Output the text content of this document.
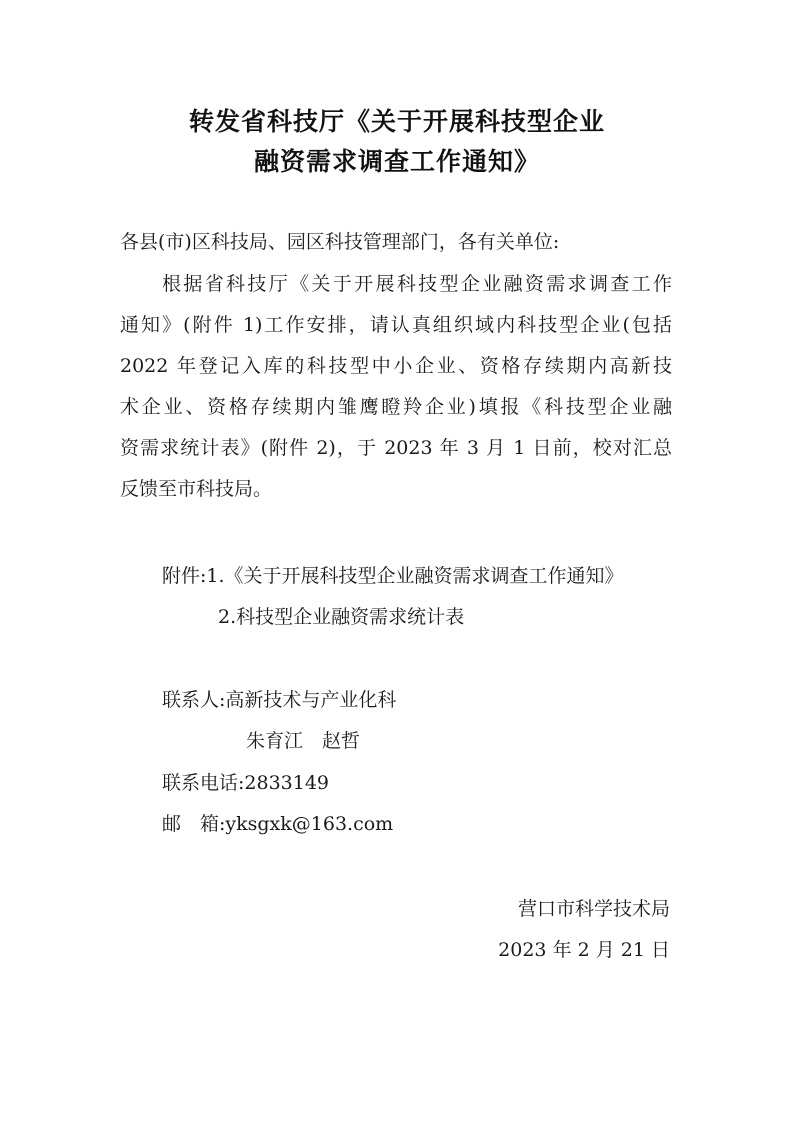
转发省科技厅《关于开展科技型企业
融资需求调查工作通知》
各县(市)区科技局、园区科技管理部门，各有关单位:
根据省科技厅《关于开展科技型企业融资需求调查工作
通知》(附件 1)工作安排，请认真组织域内科技型企业(包括
2022 年登记入库的科技型中小企业、资格存续期内高新技
术企业、资格存续期内雏鹰瞪羚企业)填报《科技型企业融
资需求统计表》(附件 2)，于 2023 年 3 月 1 日前，校对汇总
反馈至市科技局。
附件:1.《关于开展科技型企业融资需求调查工作通知》
2.科技型企业融资需求统计表
联系人:高新技术与产业化科
朱育江　赵哲
联系电话:2833149
邮　箱:yksgxk@163.com
营口市科学技术局
2023 年 2 月 21 日
